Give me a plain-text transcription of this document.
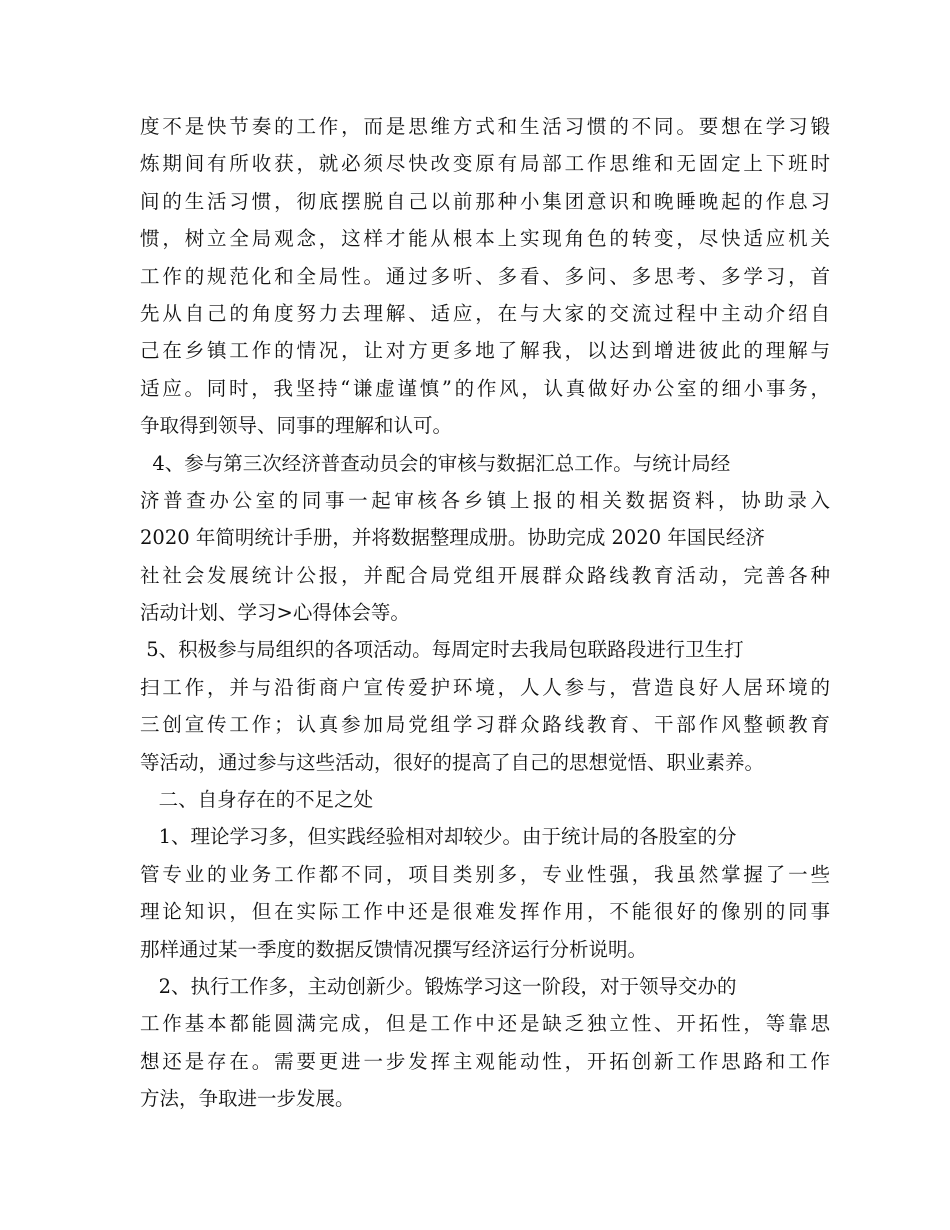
度不是快节奏的工作，而是思维方式和生活习惯的不同。要想在学习锻
炼期间有所收获，就必须尽快改变原有局部工作思维和无固定上下班时
间的生活习惯，彻底摆脱自己以前那种小集团意识和晚睡晚起的作息习
惯，树立全局观念，这样才能从根本上实现角色的转变，尽快适应机关
工作的规范化和全局性。通过多听、多看、多问、多思考、多学习，首
先从自己的角度努力去理解、适应，在与大家的交流过程中主动介绍自
己在乡镇工作的情况，让对方更多地了解我，以达到增进彼此的理解与
适应。同时，我坚持“谦虚谨慎”的作风，认真做好办公室的细小事务，
争取得到领导、同事的理解和认可。
4、参与第三次经济普查动员会的审核与数据汇总工作。与统计局经
济普查办公室的同事一起审核各乡镇上报的相关数据资料，协助录入
2020 年简明统计手册，并将数据整理成册。协助完成 2020 年国民经济
社社会发展统计公报，并配合局党组开展群众路线教育活动，完善各种
活动计划、学习>心得体会等。
5、积极参与局组织的各项活动。每周定时去我局包联路段进行卫生打
扫工作，并与沿街商户宣传爱护环境，人人参与，营造良好人居环境的
三创宣传工作；认真参加局党组学习群众路线教育、干部作风整顿教育
等活动，通过参与这些活动，很好的提高了自己的思想觉悟、职业素养。
二、自身存在的不足之处
1、理论学习多，但实践经验相对却较少。由于统计局的各股室的分
管专业的业务工作都不同，项目类别多，专业性强，我虽然掌握了一些
理论知识，但在实际工作中还是很难发挥作用，不能很好的像别的同事
那样通过某一季度的数据反馈情况撰写经济运行分析说明。
2、执行工作多，主动创新少。锻炼学习这一阶段，对于领导交办的
工作基本都能圆满完成，但是工作中还是缺乏独立性、开拓性，等靠思
想还是存在。需要更进一步发挥主观能动性，开拓创新工作思路和工作
方法，争取进一步发展。
